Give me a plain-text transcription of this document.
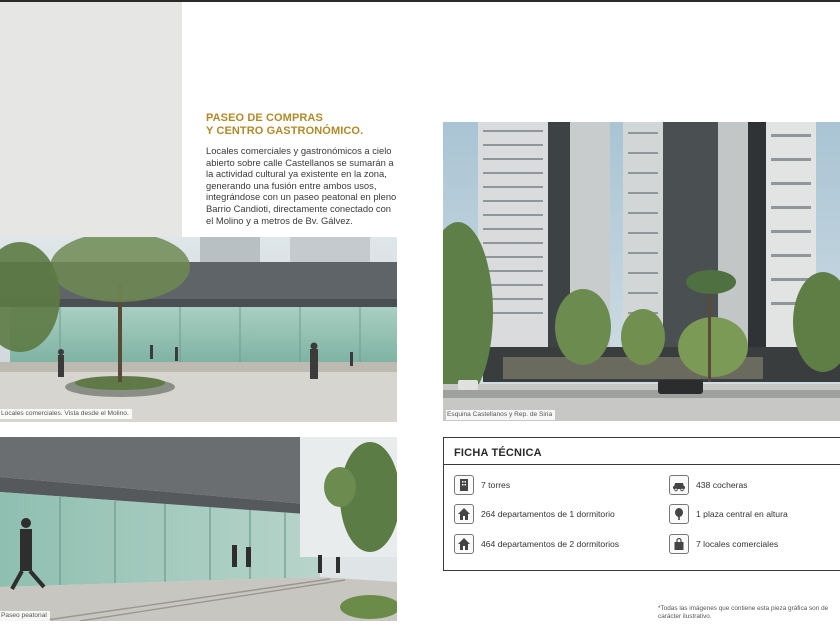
PASEO DE COMPRAS
Y CENTRO GASTRONÓMICO.

Locales comerciales y gastronómicos a cielo abierto sobre calle Castellanos se sumarán a la actividad cultural ya existente en la zona, generando una fusión entre ambos usos, integrándose con un paseo peatonal en pleno Barrio Candioti, directamente conectado con el Molino y a metros de Bv. Gálvez.

Locales comerciales. Vista desde el Molino.
Paseo peatonal
Esquina Castellanos y Rep. de Siria
FICHA TÉCNICA
7 torres
264 departamentos de 1 dormitorio
464 departamentos de 2 dormitorios
438 cocheras
1 plaza central en altura
7 locales comerciales

*Todas las imágenes que contiene esta pieza gráfica son de carácter ilustrativo.
